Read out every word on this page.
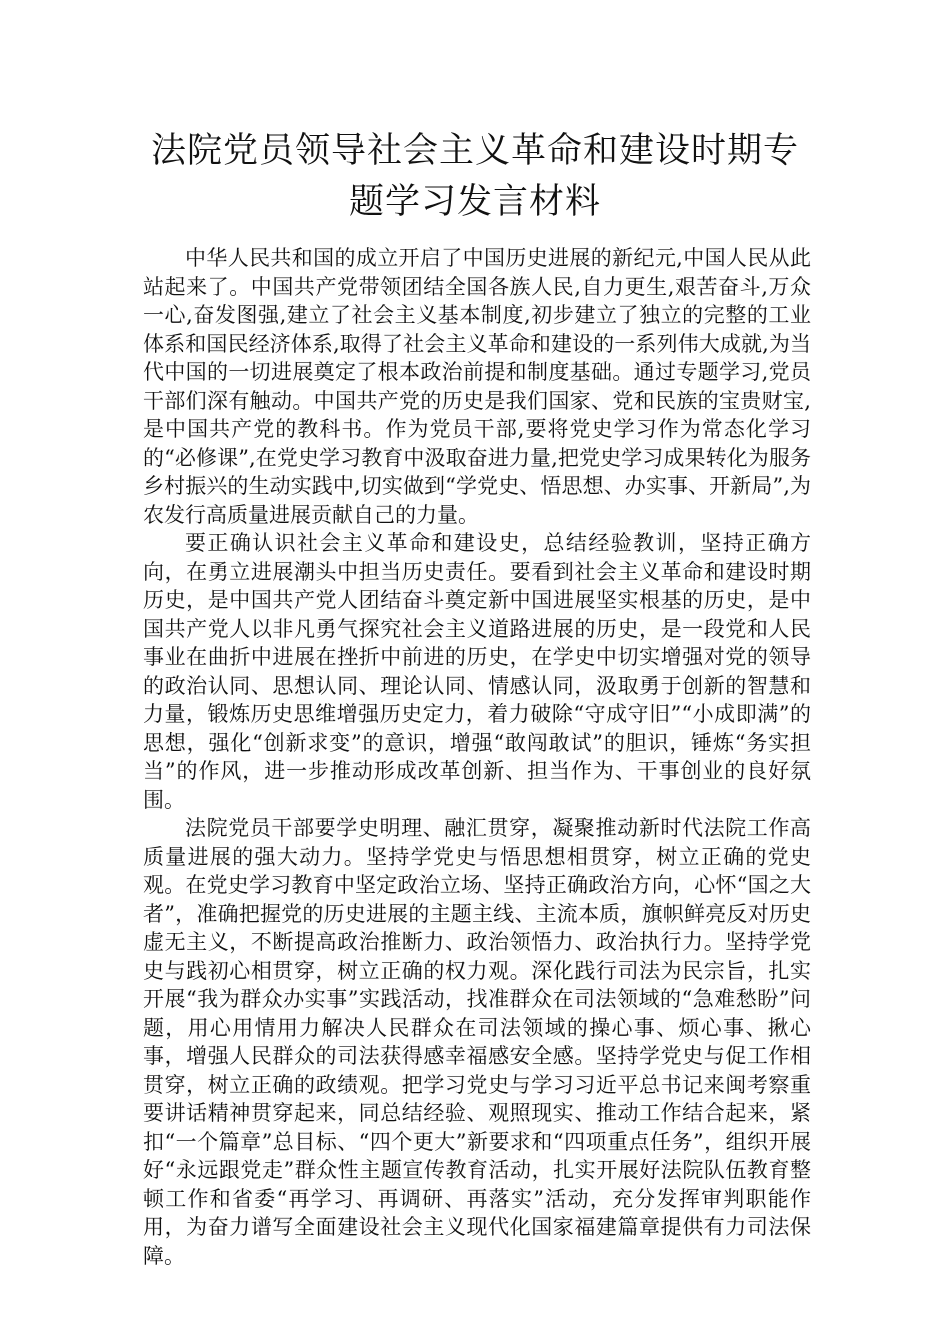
法院党员领导社会主义革命和建设时期专
题学习发言材料

中华人民共和国的成立开启了中国历史进展的新纪元,中国人民从此站起来了。中国共产党带领团结全国各族人民,自力更生,艰苦奋斗,万众一心,奋发图强,建立了社会主义基本制度,初步建立了独立的完整的工业体系和国民经济体系,取得了社会主义革命和建设的一系列伟大成就,为当代中国的一切进展奠定了根本政治前提和制度基础。通过专题学习,党员干部们深有触动。中国共产党的历史是我们国家、党和民族的宝贵财宝,是中国共产党的教科书。作为党员干部,要将党史学习作为常态化学习的“必修课”,在党史学习教育中汲取奋进力量,把党史学习成果转化为服务乡村振兴的生动实践中,切实做到“学党史、悟思想、办实事、开新局”,为农发行高质量进展贡献自己的力量。

要正确认识社会主义革命和建设史，总结经验教训，坚持正确方向，在勇立进展潮头中担当历史责任。要看到社会主义革命和建设时期历史，是中国共产党人团结奋斗奠定新中国进展坚实根基的历史，是中国共产党人以非凡勇气探究社会主义道路进展的历史，是一段党和人民事业在曲折中进展在挫折中前进的历史，在学史中切实增强对党的领导的政治认同、思想认同、理论认同、情感认同，汲取勇于创新的智慧和力量，锻炼历史思维增强历史定力，着力破除“守成守旧”“小成即满”的思想，强化“创新求变”的意识，增强“敢闯敢试”的胆识，锤炼“务实担当”的作风，进一步推动形成改革创新、担当作为、干事创业的良好氛围。

法院党员干部要学史明理、融汇贯穿，凝聚推动新时代法院工作高质量进展的强大动力。坚持学党史与悟思想相贯穿，树立正确的党史观。在党史学习教育中坚定政治立场、坚持正确政治方向，心怀“国之大者”，准确把握党的历史进展的主题主线、主流本质，旗帜鲜亮反对历史虚无主义，不断提高政治推断力、政治领悟力、政治执行力。坚持学党史与践初心相贯穿，树立正确的权力观。深化践行司法为民宗旨，扎实开展“我为群众办实事”实践活动，找准群众在司法领域的“急难愁盼”问题，用心用情用力解决人民群众在司法领域的操心事、烦心事、揪心事，增强人民群众的司法获得感幸福感安全感。坚持学党史与促工作相贯穿，树立正确的政绩观。把学习党史与学习习近平总书记来闽考察重要讲话精神贯穿起来，同总结经验、观照现实、推动工作结合起来，紧扣“一个篇章”总目标、“四个更大”新要求和“四项重点任务”，组织开展好“永远跟党走”群众性主题宣传教育活动，扎实开展好法院队伍教育整顿工作和省委“再学习、再调研、再落实”活动，充分发挥审判职能作用，为奋力谱写全面建设社会主义现代化国家福建篇章提供有力司法保障。
